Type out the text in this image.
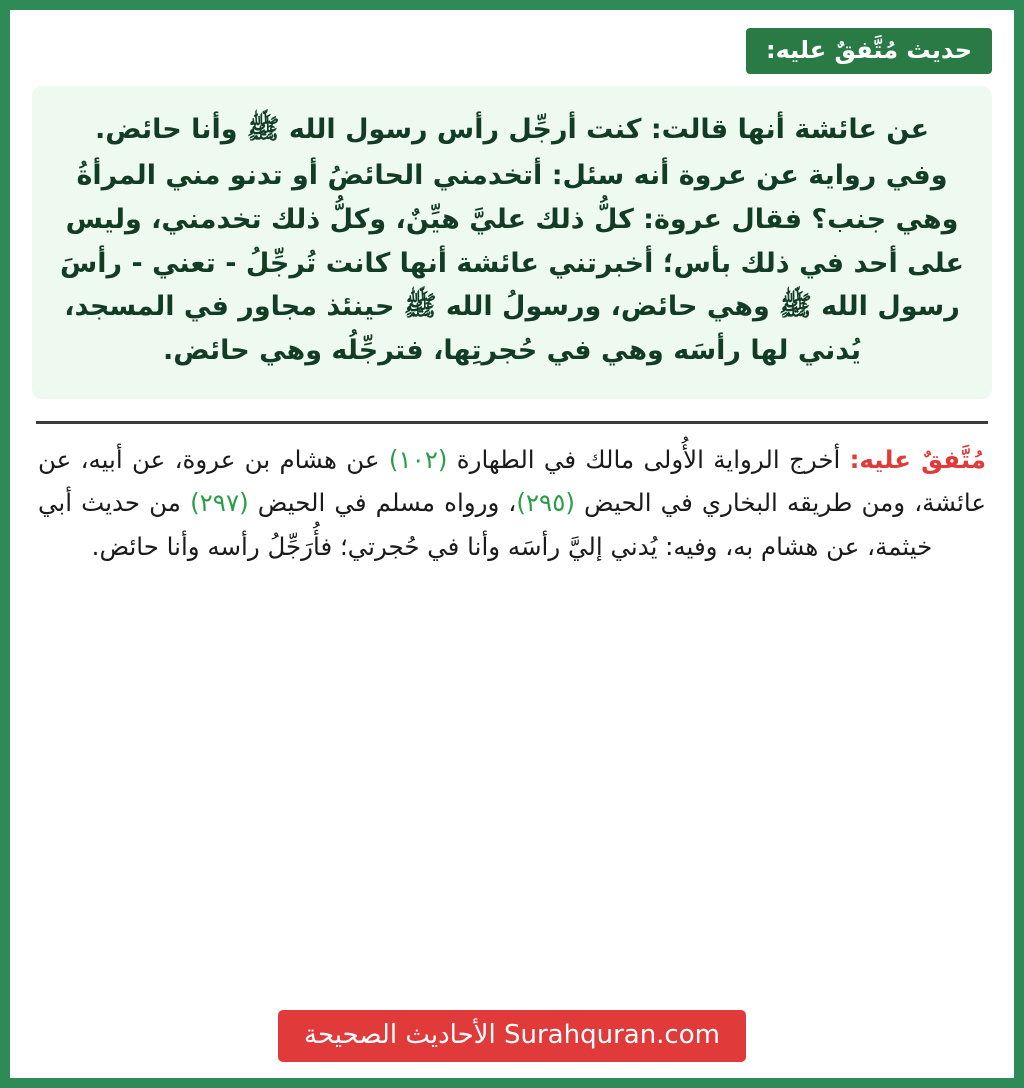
حديث مُتَّفقٌ عليه:

عن عائشة أنها قالت: كنت أرجِّل رأس رسول الله ﷺ وأنا حائض.

وفي رواية عن عروة أنه سئل: أتخدمني الحائضُ أو تدنو مني المرأةُ وهي جنب؟ فقال عروة: كلُّ ذلك عليَّ هيِّنٌ، وكلُّ ذلك تخدمني، وليس على أحد في ذلك بأس؛ أخبرتني عائشة أنها كانت تُرجِّلُ - تعني - رأسَ رسول الله ﷺ وهي حائض، ورسولُ الله ﷺ حينئذ مجاور في المسجد، يُدني لها رأسَه وهي في حُجرتِها، فترجِّلُه وهي حائض.

مُتَّفقٌ عليه: أخرج الرواية الأُولى مالك في الطهارة (١٠٢) عن هشام بن عروة، عن أبيه، عن عائشة، ومن طريقه البخاري في الحيض (٢٩٥)، ورواه مسلم في الحيض (٢٩٧) من حديث أبي خيثمة، عن هشام به، وفيه: يُدني إليَّ رأسَه وأنا في حُجرتي؛ فأُرَجِّلُ رأسه وأنا حائض.
Surahquran.com الأحاديث الصحيحة
